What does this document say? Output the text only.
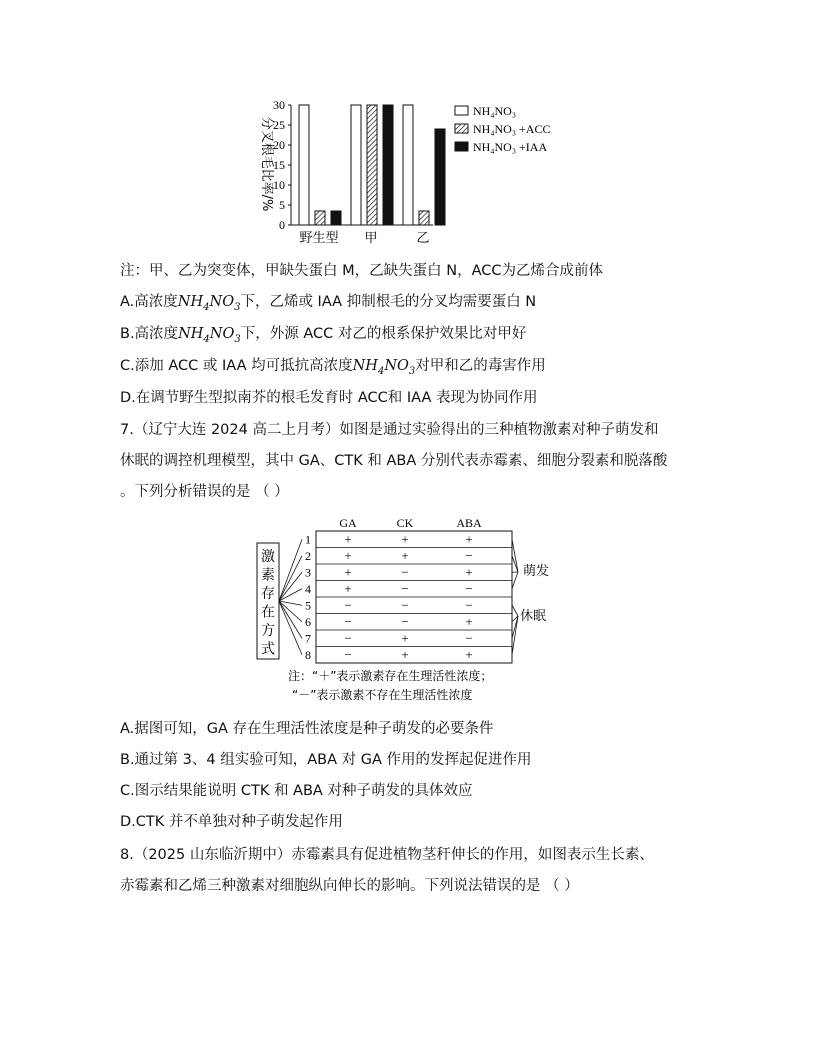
分叉根毛比率/%
0
5
10
15
20
25
30
野生型 甲	乙
NH₄NO₃
NH₄NO₃ +ACC
NH₄NO₃ +IAA
注：甲、乙为突变体，甲缺失蛋白 M，乙缺失蛋白 N，ACC为乙烯合成前体
A.高浓度$NH_4NO_3$下，乙烯或 IAA 抑制根毛的分叉均需要蛋白 N
B.高浓度$NH_4NO_3$下，外源 ACC 对乙的根系保护效果比对甲好
C.添加 ACC 或 IAA 均可抵抗高浓度$NH_4NO_3$对甲和乙的毒害作用
D.在调节野生型拟南芥的根毛发育时 ACC和 IAA 表现为协同作用
7.（辽宁大连 2024 高二上月考）如图是通过实验得出的三种植物激素对种子萌发和
休眠的调控机理模型，其中 GA、CTK 和 ABA 分别代表赤霉素、细胞分裂素和脱落酸
。下列分析错误的是 （ ）
激
素
存
在
方
式
GA	CK	ABA
1	+	+	+
2	+	+	−
3	+	−	+
4	+	−	−
5	−	−	−
6	−	−	+
7	−	+	−
8	−	+	+
萌发
休眠
注：“＋”表示激素存在生理活性浓度；
“－”表示激素不存在生理活性浓度
A.据图可知，GA 存在生理活性浓度是种子萌发的必要条件
B.通过第 3、4 组实验可知，ABA 对 GA 作用的发挥起促进作用
C.图示结果能说明 CTK 和 ABA 对种子萌发的具体效应
D.CTK 并不单独对种子萌发起作用
8.（2025 山东临沂期中）赤霉素具有促进植物茎秆伸长的作用，如图表示生长素、
赤霉素和乙烯三种激素对细胞纵向伸长的影响。下列说法错误的是 （ ）
